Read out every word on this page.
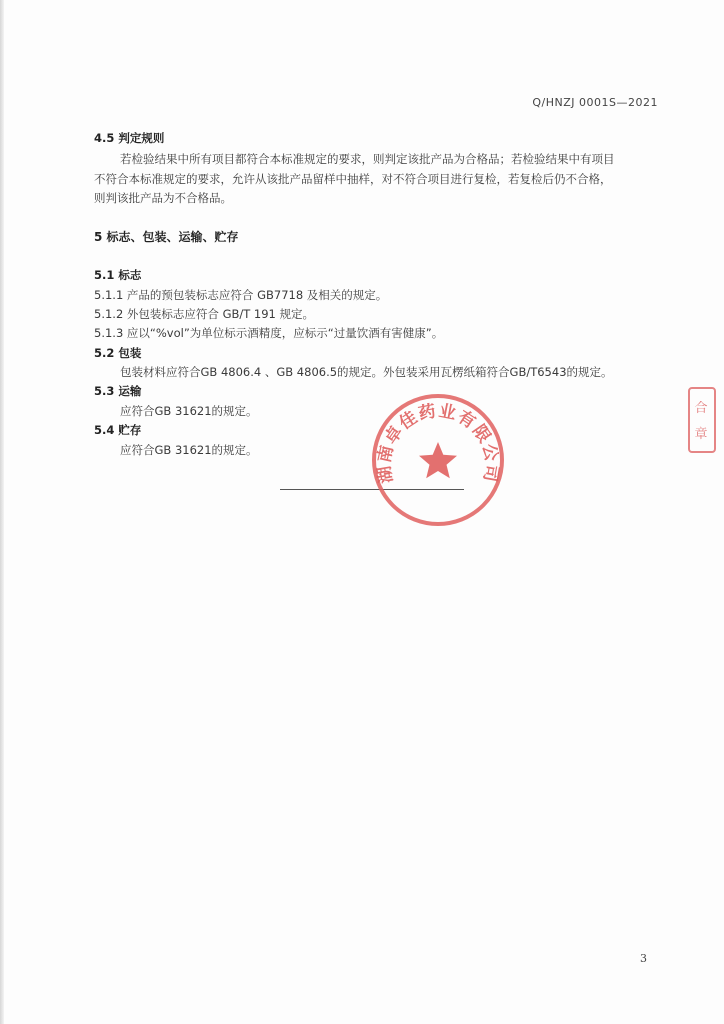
Q/HNZJ 0001S—2021
4.5 判定规则
若检验结果中所有项目都符合本标准规定的要求，则判定该批产品为合格品；若检验结果中有项目
不符合本标准规定的要求，允许从该批产品留样中抽样，对不符合项目进行复检，若复检后仍不合格，
则判该批产品为不合格品。
5 标志、包装、运输、贮存
5.1 标志
5.1.1 产品的预包装标志应符合 GB7718 及相关的规定。
5.1.2 外包装标志应符合 GB/T 191 规定。
5.1.3 应以“%vol”为单位标示酒精度，应标示“过量饮酒有害健康”。
5.2 包装
包装材料应符合GB 4806.4 、GB 4806.5的规定。外包装采用瓦楞纸箱符合GB/T6543的规定。
5.3 运输
应符合GB 31621的规定。
5.4 贮存
应符合GB 31621的规定。
湖南卓佳药业有限公司
合
章
3
